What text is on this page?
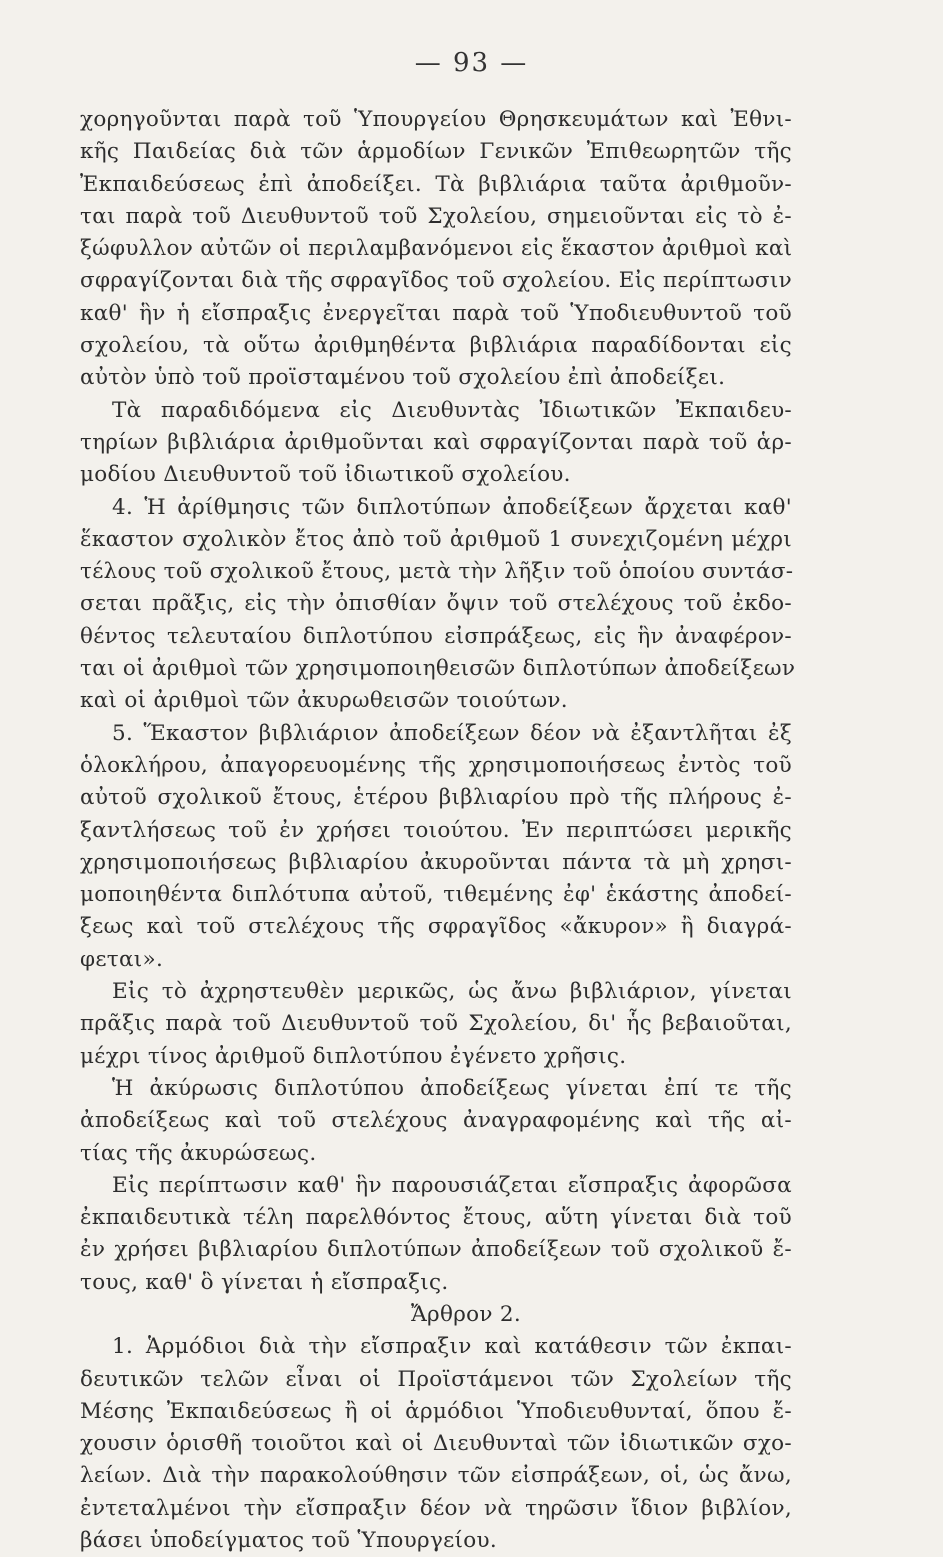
— 93 —
χορηγοῦνται παρὰ τοῦ Ὑπουργείου Θρησκευμάτων καὶ Ἐθνι-
κῆς Παιδείας διὰ τῶν ἁρμοδίων Γενικῶν Ἐπιθεωρητῶν τῆς
Ἐκπαιδεύσεως ἐπὶ ἀποδείξει. Τὰ βιβλιάρια ταῦτα ἀριθμοῦν-
ται παρὰ τοῦ Διευθυντοῦ τοῦ Σχολείου, σημειοῦνται εἰς τὸ ἐ-
ξώφυλλον αὐτῶν οἱ περιλαμβανόμενοι εἰς ἕκαστον ἀριθμοὶ καὶ
σφραγίζονται διὰ τῆς σφραγῖδος τοῦ σχολείου. Εἰς περίπτωσιν
καθ' ἣν ἡ εἴσπραξις ἐνεργεῖται παρὰ τοῦ Ὑποδιευθυντοῦ τοῦ
σχολείου, τὰ οὕτω ἀριθμηθέντα βιβλιάρια παραδίδονται εἰς
αὐτὸν ὑπὸ τοῦ προϊσταμένου τοῦ σχολείου ἐπὶ ἀποδείξει.
Τὰ παραδιδόμενα εἰς Διευθυντὰς Ἰδιωτικῶν Ἐκπαιδευ-
τηρίων βιβλιάρια ἀριθμοῦνται καὶ σφραγίζονται παρὰ τοῦ ἁρ-
μοδίου Διευθυντοῦ τοῦ ἰδιωτικοῦ σχολείου.
4. Ἡ ἀρίθμησις τῶν διπλοτύπων ἀποδείξεων ἄρχεται καθ'
ἕκαστον σχολικὸν ἔτος ἀπὸ τοῦ ἀριθμοῦ 1 συνεχιζομένη μέχρι
τέλους τοῦ σχολικοῦ ἔτους, μετὰ τὴν λῆξιν τοῦ ὁποίου συντάσ-
σεται πρᾶξις, εἰς τὴν ὀπισθίαν ὄψιν τοῦ στελέχους τοῦ ἐκδο-
θέντος τελευταίου διπλοτύπου εἰσπράξεως, εἰς ἣν ἀναφέρον-
ται οἱ ἀριθμοὶ τῶν χρησιμοποιηθεισῶν διπλοτύπων ἀποδείξεων
καὶ οἱ ἀριθμοὶ τῶν ἀκυρωθεισῶν τοιούτων.
5. Ἕκαστον βιβλιάριον ἀποδείξεων δέον νὰ ἐξαντλῆται ἐξ
ὁλοκλήρου, ἀπαγορευομένης τῆς χρησιμοποιήσεως ἐντὸς τοῦ
αὐτοῦ σχολικοῦ ἔτους, ἑτέρου βιβλιαρίου πρὸ τῆς πλήρους ἐ-
ξαντλήσεως τοῦ ἐν χρήσει τοιούτου. Ἐν περιπτώσει μερικῆς
χρησιμοποιήσεως βιβλιαρίου ἀκυροῦνται πάντα τὰ μὴ χρησι-
μοποιηθέντα διπλότυπα αὐτοῦ, τιθεμένης ἐφ' ἑκάστης ἀποδεί-
ξεως καὶ τοῦ στελέχους τῆς σφραγῖδος «ἄκυρον» ἢ διαγρά-
φεται».
Εἰς τὸ ἀχρηστευθὲν μερικῶς, ὡς ἄνω βιβλιάριον, γίνεται
πρᾶξις παρὰ τοῦ Διευθυντοῦ τοῦ Σχολείου, δι' ἧς βεβαιοῦται,
μέχρι τίνος ἀριθμοῦ διπλοτύπου ἐγένετο χρῆσις.
Ἡ ἀκύρωσις διπλοτύπου ἀποδείξεως γίνεται ἐπί τε τῆς
ἀποδείξεως καὶ τοῦ στελέχους ἀναγραφομένης καὶ τῆς αἰ-
τίας τῆς ἀκυρώσεως.
Εἰς περίπτωσιν καθ' ἣν παρουσιάζεται εἴσπραξις ἀφορῶσα
ἐκπαιδευτικὰ τέλη παρελθόντος ἔτους, αὕτη γίνεται διὰ τοῦ
ἐν χρήσει βιβλιαρίου διπλοτύπων ἀποδείξεων τοῦ σχολικοῦ ἔ-
τους, καθ' ὃ γίνεται ἡ εἴσπραξις.
Ἄρθρον 2.
1. Ἁρμόδιοι διὰ τὴν εἴσπραξιν καὶ κατάθεσιν τῶν ἐκπαι-
δευτικῶν τελῶν εἶναι οἱ Προϊστάμενοι τῶν Σχολείων τῆς
Μέσης Ἐκπαιδεύσεως ἢ οἱ ἁρμόδιοι Ὑποδιευθυνταί, ὅπου ἔ-
χουσιν ὁρισθῆ τοιοῦτοι καὶ οἱ Διευθυνταὶ τῶν ἰδιωτικῶν σχο-
λείων. Διὰ τὴν παρακολούθησιν τῶν εἰσπράξεων, οἱ, ὡς ἄνω,
ἐντεταλμένοι τὴν εἴσπραξιν δέον νὰ τηρῶσιν ἴδιον βιβλίον,
βάσει ὑποδείγματος τοῦ Ὑπουργείου.
